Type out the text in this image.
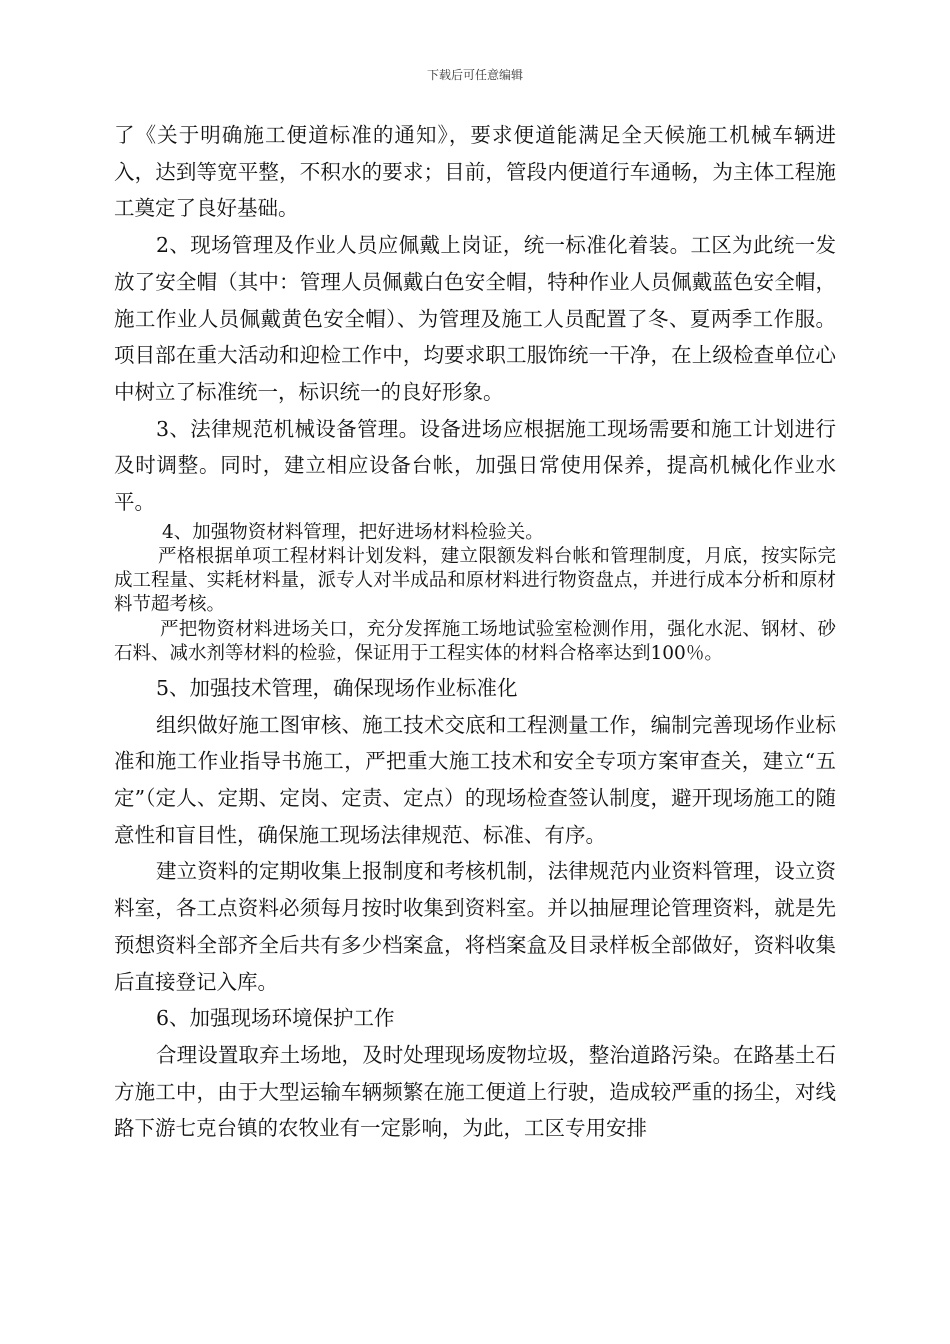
下载后可任意编辑

了《关于明确施工便道标准的通知》，要求便道能满足全天候施工机械车辆进入，达到等宽平整，不积水的要求；目前，管段内便道行车通畅，为主体工程施工奠定了良好基础。

2、现场管理及作业人员应佩戴上岗证，统一标准化着装。工区为此统一发放了安全帽（其中：管理人员佩戴白色安全帽，特种作业人员佩戴蓝色安全帽，施工作业人员佩戴黄色安全帽）、为管理及施工人员配置了冬、夏两季工作服。项目部在重大活动和迎检工作中，均要求职工服饰统一干净，在上级检查单位心中树立了标准统一，标识统一的良好形象。

3、法律规范机械设备管理。设备进场应根据施工现场需要和施工计划进行及时调整。同时，建立相应设备台帐，加强日常使用保养，提高机械化作业水平。

4、加强物资材料管理，把好进场材料检验关。

严格根据单项工程材料计划发料，建立限额发料台帐和管理制度，月底，按实际完成工程量、实耗材料量，派专人对半成品和原材料进行物资盘点，并进行成本分析和原材料节超考核。

严把物资材料进场关口，充分发挥施工场地试验室检测作用，强化水泥、钢材、砂石料、减水剂等材料的检验，保证用于工程实体的材料合格率达到100％。

5、加强技术管理，确保现场作业标准化

组织做好施工图审核、施工技术交底和工程测量工作，编制完善现场作业标准和施工作业指导书施工，严把重大施工技术和安全专项方案审查关，建立“五定”（定人、定期、定岗、定责、定点）的现场检查签认制度，避开现场施工的随意性和盲目性，确保施工现场法律规范、标准、有序。

建立资料的定期收集上报制度和考核机制，法律规范内业资料管理，设立资料室，各工点资料必须每月按时收集到资料室。并以抽屉理论管理资料，就是先预想资料全部齐全后共有多少档案盒，将档案盒及目录样板全部做好，资料收集后直接登记入库。

6、加强现场环境保护工作

合理设置取弃土场地，及时处理现场废物垃圾，整治道路污染。在路基土石方施工中，由于大型运输车辆频繁在施工便道上行驶，造成较严重的扬尘，对线路下游七克台镇的农牧业有一定影响，为此，工区专用安排
